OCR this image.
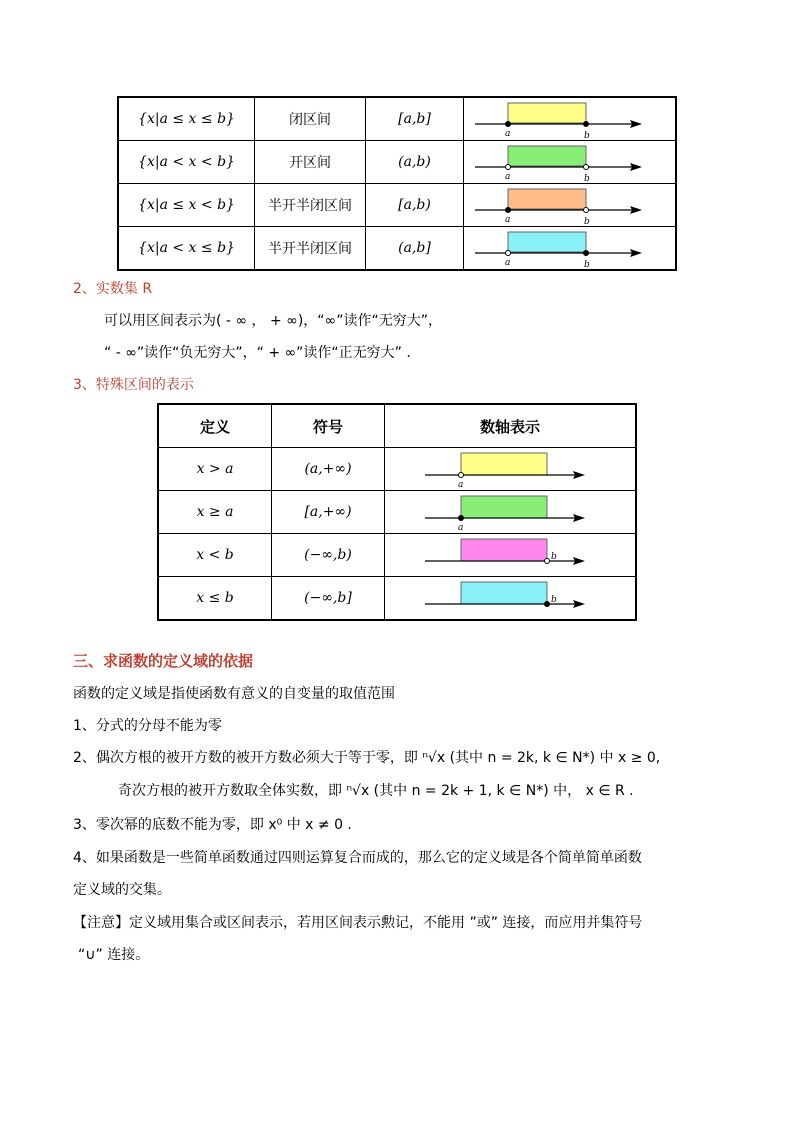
{x|a ≤ x ≤ b}	闭区间	[a,b]	a b

{x|a < x < b}	开区间	(a,b)	a b

{x|a ≤ x < b}	半开半闭区间	[a,b)	a b

{x|a < x ≤ b}	半开半闭区间	(a,b]	a b
2、实数集 R
可以用区间表示为( - ∞ ， + ∞)，“∞”读作“无穷大”，
“ - ∞”读作“负无穷大”，“ + ∞”读作“正无穷大” .
3、特殊区间的表示
定义	符号	数轴表示
x > a	(a,+∞)	a

x ≥ a	[a,+∞)	a

x < b	(−∞,b)	b

x ≤ b	(−∞,b]	b
三、求函数的定义域的依据
函数的定义域是指使函数有意义的自变量的取值范围
1、分式的分母不能为零
2、偶次方根的被开方数的被开方数必须大于等于零，即 ⁿ√x (其中 n = 2k, k ∈ N*) 中 x ≥ 0,
奇次方根的被开方数取全体实数，即 ⁿ√x (其中 n = 2k + 1, k ∈ N*) 中， x ∈ R .
3、零次幂的底数不能为零，即 x⁰ 中 x ≠ 0 .
4、如果函数是一些简单函数通过四则运算复合而成的，那么它的定义域是各个简单简单函数
定义域的交集。
【注意】定义域用集合或区间表示，若用区间表示勲记，不能用 ”或” 连接，而应用并集符号
“∪” 连接。
